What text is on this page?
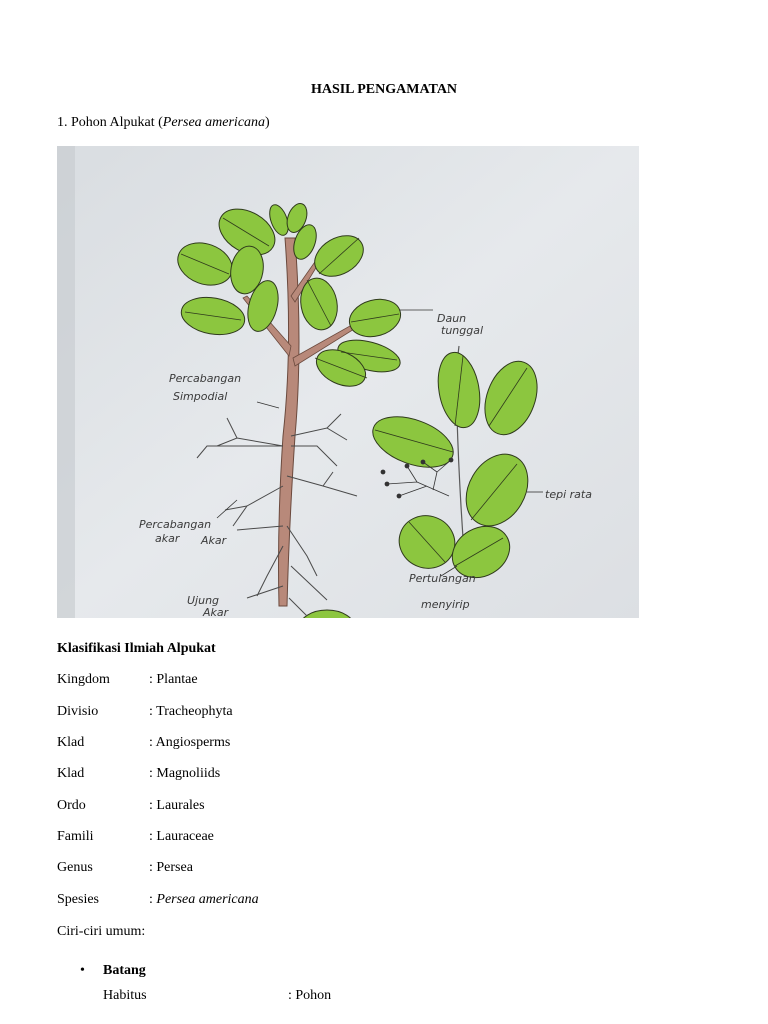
HASIL PENGAMATAN
1. Pohon Alpukat (Persea americana)
Daun
tunggal
Percabangan
Simpodial
tepi rata
Percabangan
akar Akar
Ujung
Akar
Pertulangan
menyirip
Klasifikasi Ilmiah Alpukat
Kingdom	: Plantae
Divisio	: Tracheophyta
Klad	: Angiosperms
Klad	: Magnoliids
Ordo	: Laurales
Famili	: Lauraceae
Genus	: Persea
Spesies	: Persea americana
Ciri-ciri umum:
• Batang
Habitus	: Pohon
